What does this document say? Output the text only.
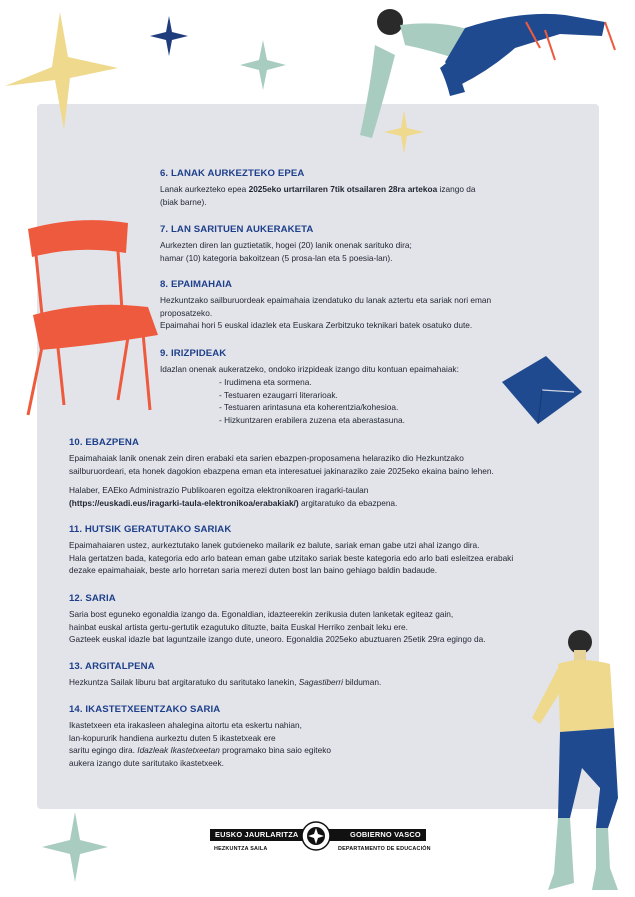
6. LANAK AURKEZTEKO EPEA

Lanak aurkezteko epea 2025eko urtarrilaren 7tik otsailaren 28ra artekoa izango da
(biak barne).

7. LAN SARITUEN AUKERAKETA

Aurkezten diren lan guztietatik, hogei (20) lanik onenak sarituko dira;
hamar (10) kategoria bakoitzean (5 prosa-lan eta 5 poesia-lan).

8. EPAIMAHAIA

Hezkuntzako sailburuordeak epaimahaia izendatuko du lanak aztertu eta sariak nori eman
proposatzeko.
Epaimahai hori 5 euskal idazlek eta Euskara Zerbitzuko teknikari batek osatuko dute.

9. IRIZPIDEAK

Idazlan onenak aukeratzeko, ondoko irizpideak izango ditu kontuan epaimahaiak:

- Irudimena eta sormena.
- Testuaren ezaugarri literarioak.
- Testuaren arintasuna eta koherentzia/kohesioa.
- Hizkuntzaren erabilera zuzena eta aberastasuna.
10. EBAZPENA

Epaimahaiak lanik onenak zein diren erabaki eta sarien ebazpen-proposamena helaraziko dio Hezkuntzako
sailburuordeari, eta honek dagokion ebazpena eman eta interesatuei jakinaraziko zaie 2025eko ekaina baino lehen.

Halaber, EAEko Administrazio Publikoaren egoitza elektronikoaren iragarki-taulan
(https://euskadi.eus/iragarki-taula-elektronikoa/erabakiak/) argitaratuko da ebazpena.

11. HUTSIK GERATUTAKO SARIAK

Epaimahaiaren ustez, aurkeztutako lanek gutxieneko mailarik ez balute, sariak eman gabe utzi ahal izango dira.
Hala gertatzen bada, kategoria edo arlo batean eman gabe utzitako sariak beste kategoria edo arlo bati esleitzea erabaki
dezake epaimahaiak, beste arlo horretan saria merezi duten bost lan baino gehiago baldin badaude.

12. SARIA

Saria bost eguneko egonaldia izango da. Egonaldian, idazteerekin zerikusia duten lanketak egiteaz gain,
hainbat euskal artista gertu-gertutik ezagutuko dituzte, baita Euskal Herriko zenbait leku ere.
Gazteek euskal idazle bat laguntzaile izango dute, uneoro. Egonaldia 2025eko abuztuaren 25etik 29ra egingo da.

13. ARGITALPENA

Hezkuntza Sailak liburu bat argitaratuko du saritutako lanekin, Sagastiberri bilduman.

14. IKASTETXEENTZAKO SARIA

Ikastetxeen eta irakasleen ahalegina aitortu eta eskertu nahian,
lan-kopururik handiena aurkeztu duten 5 ikastetxeak ere
saritu egingo dira. Idazleak Ikastetxeetan programako bina saio egiteko
aukera izango dute saritutako ikastetxeek.

EUSKO JAURLARITZA	GOBIERNO VASCO
HEZKUNTZA SAILA	DEPARTAMENTO DE EDUCACIÓN
